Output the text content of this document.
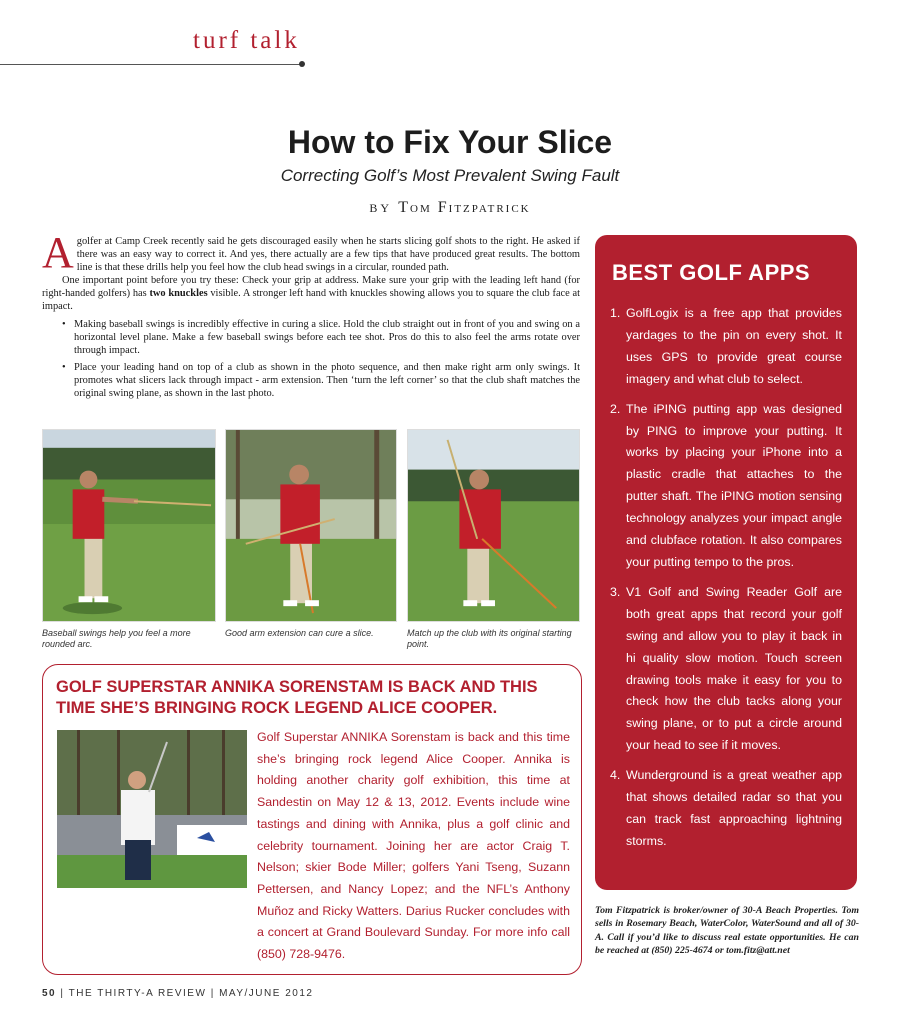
turf talk
How to Fix Your Slice
Correcting Golf’s Most Prevalent Swing Fault
BY Tom Fitzpatrick

Agolfer at Camp Creek recently said he gets discouraged easily when he starts slicing golf shots to the right. He asked if there was an easy way to correct it. And yes, there actually are a few tips that have produced great results. The bottom line is that these drills help you feel how the club head swings in a circular, rounded path.

One important point before you try these: Check your grip at address. Make sure your grip with the leading left hand (for right-handed golfers) has two knuckles visible. A stronger left hand with knuckles showing allows you to square the club face at impact.

• Making baseball swings is incredibly effective in curing a slice. Hold the club straight out in front of you and swing on a horizontal level plane. Make a few baseball swings before each tee shot. Pros do this to also feel the arms rotate over through impact.
• Place your leading hand on top of a club as shown in the photo sequence, and then make right arm only swings. It promotes what slicers lack through impact - arm extension. Then ‘turn the left corner’ so that the club shaft matches the original swing plane, as shown in the last photo.
Baseball swings help you feel a more rounded arc.
Good arm extension can cure a slice.	Match up the club with its original starting point.
GOLF SUPERSTAR ANNIKA SORENSTAM IS BACK AND THIS TIME SHE’S BRINGING ROCK LEGEND ALICE COOPER.
Golf Superstar ANNIKA Sorenstam is back and this time she’s bringing rock legend Alice Cooper. Annika is holding another charity golf exhibition, this time at Sandestin on May 12 & 13, 2012. Events include wine tastings and dining with Annika, plus a golf clinic and celebrity tournament. Joining her are actor Craig T. Nelson; skier Bode Miller; golfers Yani Tseng, Suzann Pettersen, and Nancy Lopez; and the NFL’s Anthony Muñoz and Ricky Watters. Darius Rucker concludes with a concert at Grand Boulevard Sunday. For more info call (850) 728-9476.
BEST GOLF APPS
1. GolfLogix is a free app that provides yardages to the pin on every shot. It uses GPS to provide great course imagery and what club to select.
2. The iPING putting app was designed by PING to improve your putting. It works by placing your iPhone into a plastic cradle that attaches to the putter shaft. The iPING motion sensing technology analyzes your impact angle and clubface rotation. It also compares your putting tempo to the pros.
3. V1 Golf and Swing Reader Golf are both great apps that record your golf swing and allow you to play it back in hi quality slow motion. Touch screen drawing tools make it easy for you to check how the club tacks along your swing plane, or to put a circle around your head to see if it moves.
4. Wunderground is a great weather app that shows detailed radar so that you can track fast approaching lightning storms.
Tom Fitzpatrick is broker/owner of 30-A Beach Properties. Tom sells in Rosemary Beach, WaterColor, WaterSound and all of 30-A. Call if you’d like to discuss real estate opportunities. He can be reached at (850) 225-4674 or tom.fitz@att.net
50 | THE THIRTY-A REVIEW | MAY/JUNE 2012
